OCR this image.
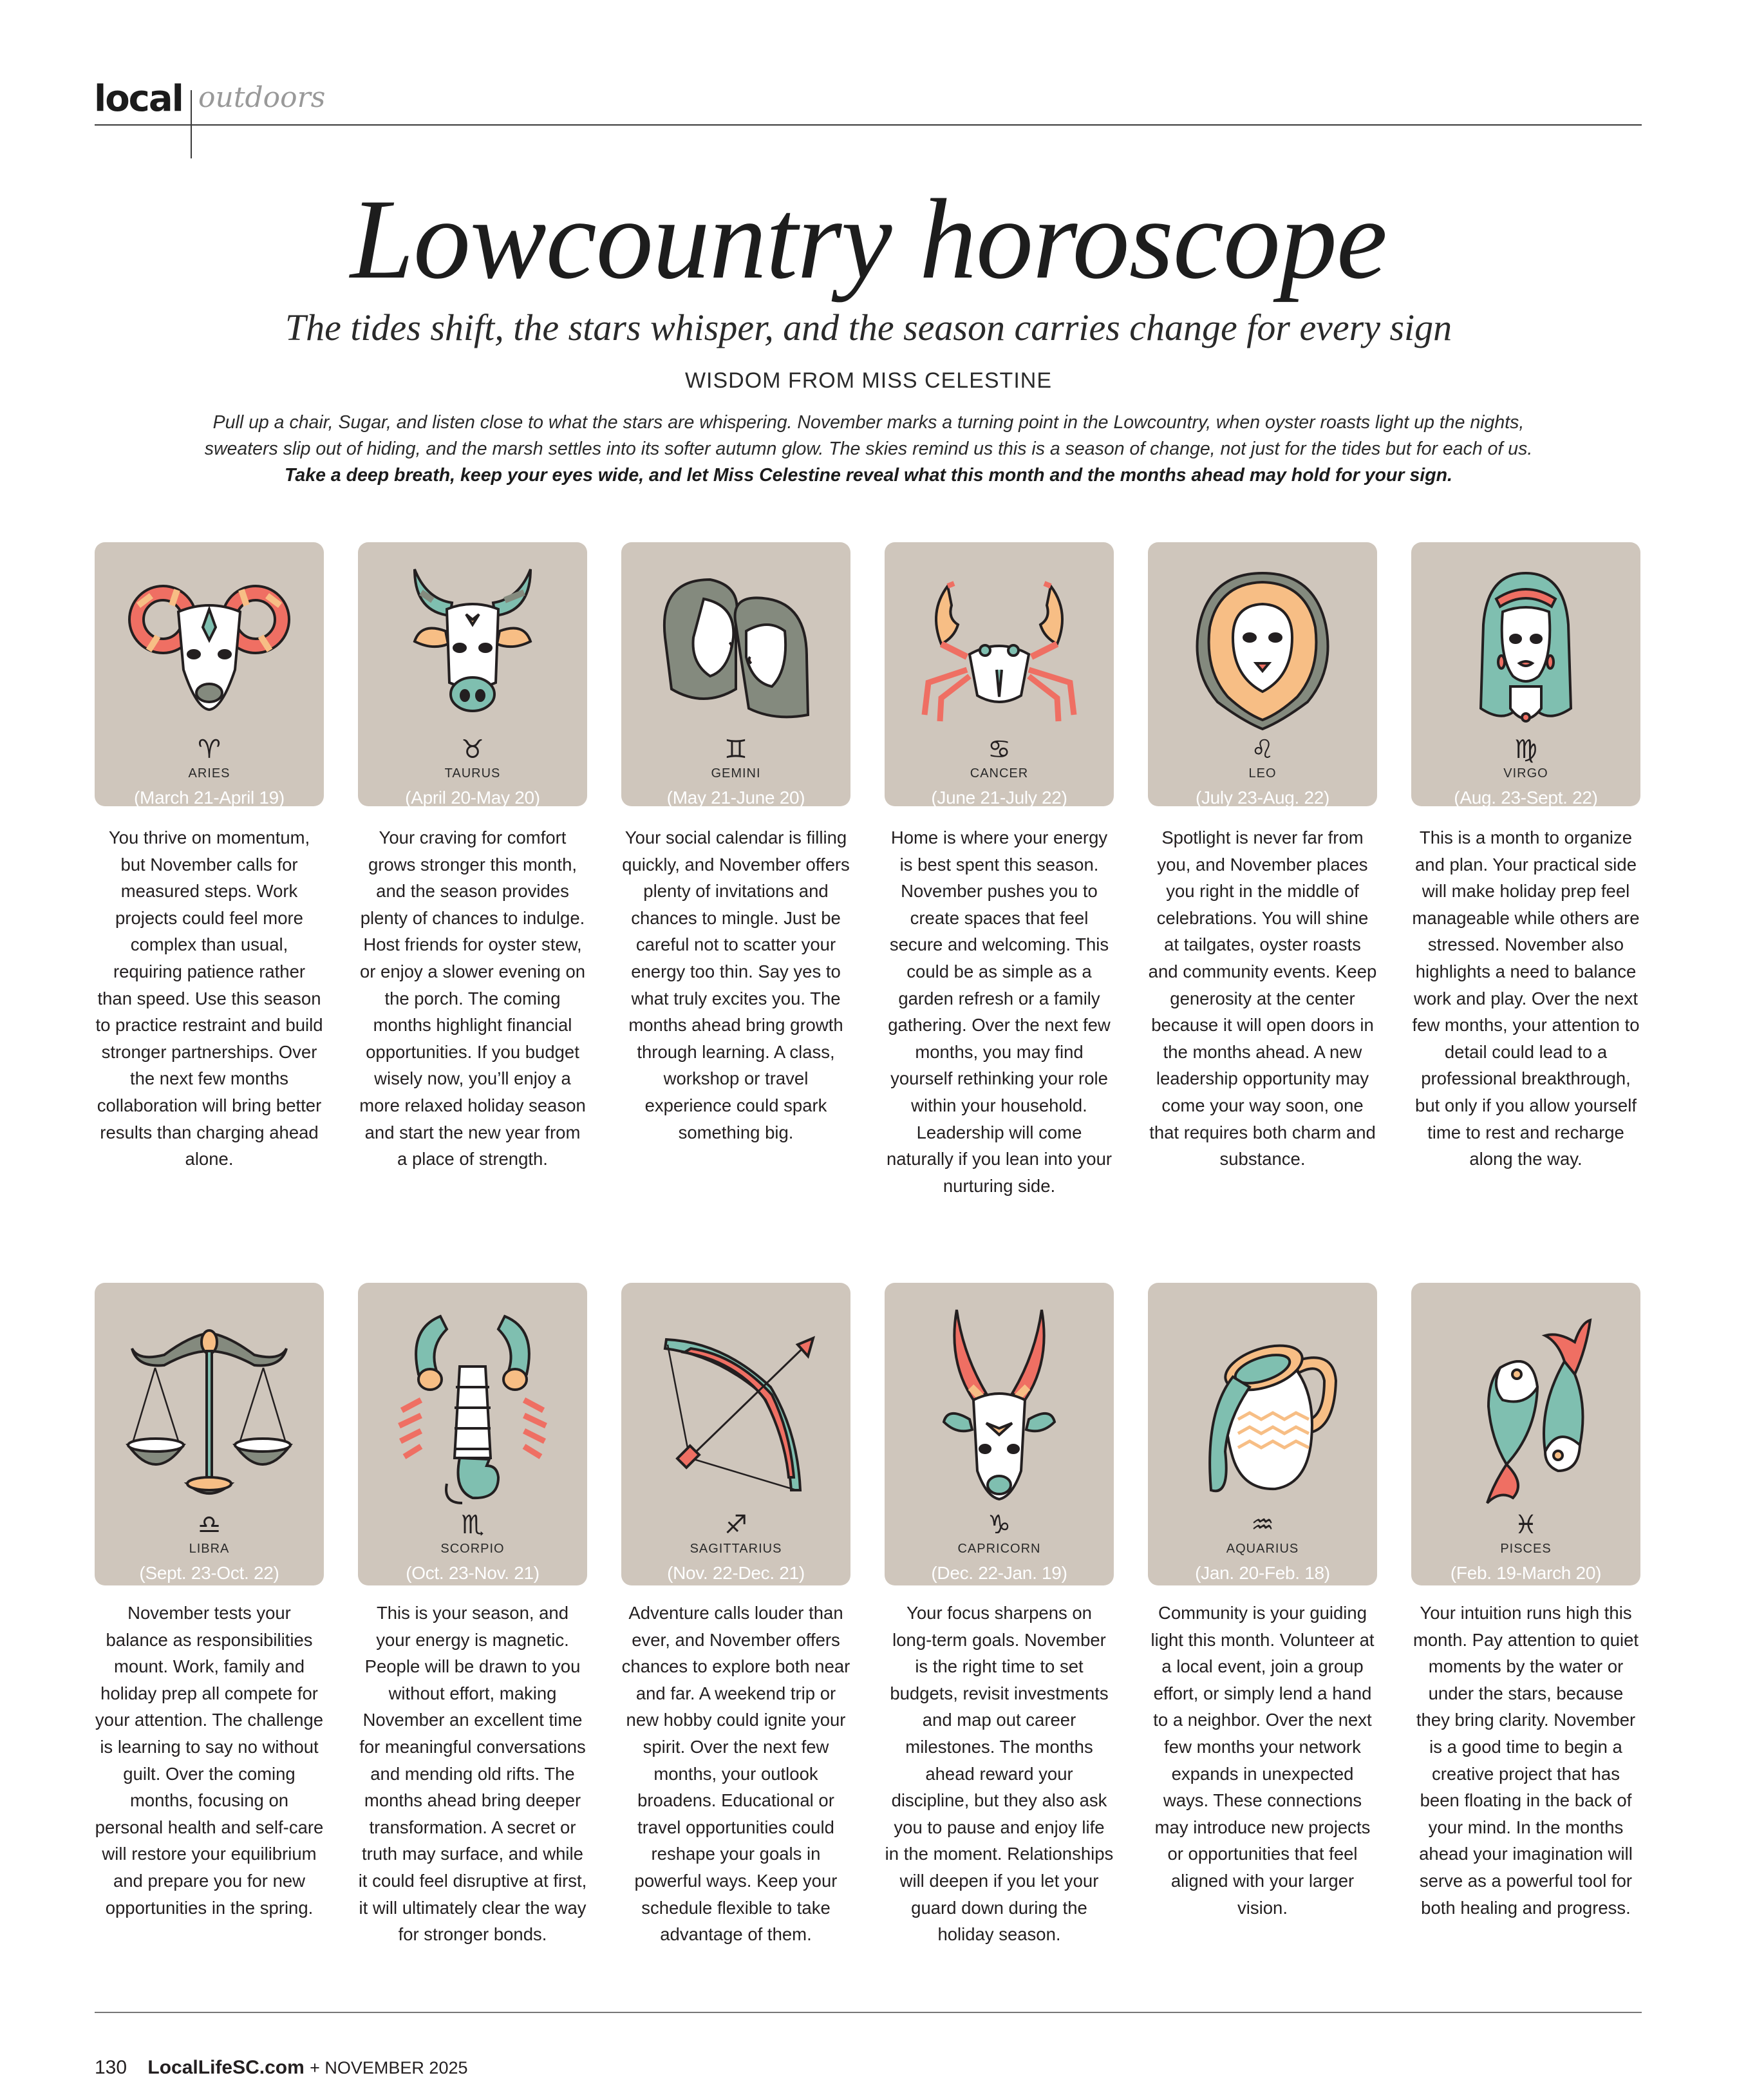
local outdoors
Lowcountry horoscope
The tides shift, the stars whisper, and the season carries change for every sign
WISDOM FROM MISS CELESTINE

Pull up a chair, Sugar, and listen close to what the stars are whispering. November marks a turning point in the Lowcountry, when oyster roasts light up the nights, sweaters slip out of hiding, and the marsh settles into its softer autumn glow. The skies remind us this is a season of change, not just for the tides but for each of us. Take a deep breath, keep your eyes wide, and let Miss Celestine reveal what this month and the months ahead may hold for your sign.

♈︎
ARIES
(March 21-April 19)

You thrive on momentum, but November calls for measured steps. Work projects could feel more complex than usual, requiring patience rather than speed. Use this season to practice restraint and build stronger partnerships. Over the next few months collaboration will bring better results than charging ahead alone.

♉︎
TAURUS
(April 20-May 20)

Your craving for comfort grows stronger this month, and the season provides plenty of chances to indulge. Host friends for oyster stew, or enjoy a slower evening on the porch. The coming months highlight financial opportunities. If you budget wisely now, you’ll enjoy a more relaxed holiday season and start the new year from a place of strength.

♊︎
GEMINI
(May 21-June 20)

Your social calendar is filling quickly, and November offers plenty of invitations and chances to mingle. Just be careful not to scatter your energy too thin. Say yes to what truly excites you. The months ahead bring growth through learning. A class, workshop or travel experience could spark something big.

♋︎
CANCER
(June 21-July 22)

Home is where your energy is best spent this season. November pushes you to create spaces that feel secure and welcoming. This could be as simple as a garden refresh or a family gathering. Over the next few months, you may find yourself rethinking your role within your household. Leadership will come naturally if you lean into your nurturing side.

♌︎
LEO
(July 23-Aug. 22)

Spotlight is never far from you, and November places you right in the middle of celebrations. You will shine at tailgates, oyster roasts and community events. Keep generosity at the center because it will open doors in the months ahead. A new leadership opportunity may come your way soon, one that requires both charm and substance.

♍︎
VIRGO
(Aug. 23-Sept. 22)

This is a month to organize and plan. Your practical side will make holiday prep feel manageable while others are stressed. November also highlights a need to balance work and play. Over the next few months, your attention to detail could lead to a professional breakthrough, but only if you allow yourself time to rest and recharge along the way.

♎︎
LIBRA
(Sept. 23-Oct. 22)

November tests your balance as responsibilities mount. Work, family and holiday prep all compete for your attention. The challenge is learning to say no without guilt. Over the coming months, focusing on personal health and self-care will restore your equilibrium and prepare you for new opportunities in the spring.

♏︎
SCORPIO
(Oct. 23-Nov. 21)

This is your season, and your energy is magnetic. People will be drawn to you without effort, making November an excellent time for meaningful conversations and mending old rifts. The months ahead bring deeper transformation. A secret or truth may surface, and while it could feel disruptive at first, it will ultimately clear the way for stronger bonds.

♐︎
SAGITTARIUS
(Nov. 22-Dec. 21)

Adventure calls louder than ever, and November offers chances to explore both near and far. A weekend trip or new hobby could ignite your spirit. Over the next few months, your outlook broadens. Educational or travel opportunities could reshape your goals in powerful ways. Keep your schedule flexible to take advantage of them.

♑︎
CAPRICORN
(Dec. 22-Jan. 19)

Your focus sharpens on long-term goals. November is the right time to set budgets, revisit investments and map out career milestones. The months ahead reward your discipline, but they also ask you to pause and enjoy life in the moment. Relationships will deepen if you let your guard down during the holiday season.

♒︎
AQUARIUS
(Jan. 20-Feb. 18)

Community is your guiding light this month. Volunteer at a local event, join a group effort, or simply lend a hand to a neighbor. Over the next few months your network expands in unexpected ways. These connections may introduce new projects or opportunities that feel aligned with your larger vision.

♓︎
PISCES
(Feb. 19-March 20)

Your intuition runs high this month. Pay attention to quiet moments by the water or under the stars, because they bring clarity. November is a good time to begin a creative project that has been floating in the back of your mind. In the months ahead your imagination will serve as a powerful tool for both healing and progress.

130 LocalLifeSC.com + NOVEMBER 2025
